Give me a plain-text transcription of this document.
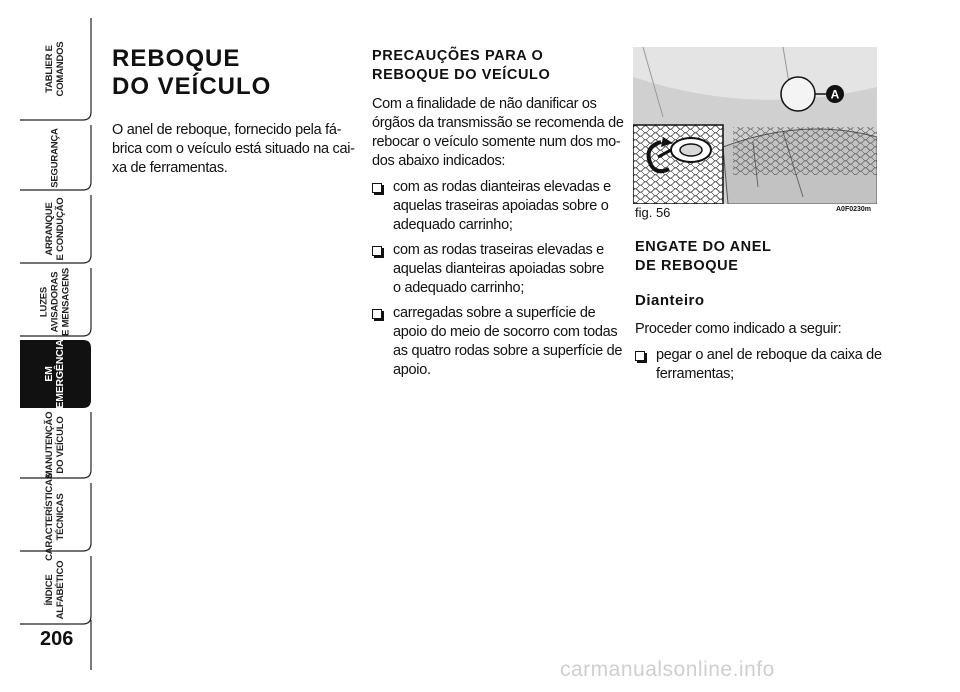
TABLIER E
COMANDOS
SEGURANÇA
ARRANQUE
E CONDUÇÃO
LUZES
AVISADORAS
E MENSAGENS
EM
EMERGÊNCIA
MANUTENÇÃO
DO VEÍCULO
CARACTERÍSTICAS
TÉCNICAS
ÍNDICE
ALFABÉTICO
206
REBOQUE
DO VEÍCULO
O anel de reboque, fornecido pela fá-
brica com o veículo está situado na cai-
xa de ferramentas.
PRECAUÇÕES PARA O
REBOQUE DO VEÍCULO
Com a finalidade de não danificar os
órgãos da transmissão se recomenda de
rebocar o veículo somente num dos mo-
dos abaixo indicados:
com as rodas dianteiras elevadas e
aquelas traseiras apoiadas sobre o
adequado carrinho;
com as rodas traseiras elevadas e
aquelas dianteiras apoiadas sobre
o adequado carrinho;
carregadas sobre a superfície de
apoio do meio de socorro com todas
as quatro rodas sobre a superfície de
apoio.
A
fig. 56	A0F0230m
ENGATE DO ANEL
DE REBOQUE
Dianteiro
Proceder como indicado a seguir:
pegar o anel de reboque da caixa de
ferramentas;
carmanualsonline.info
